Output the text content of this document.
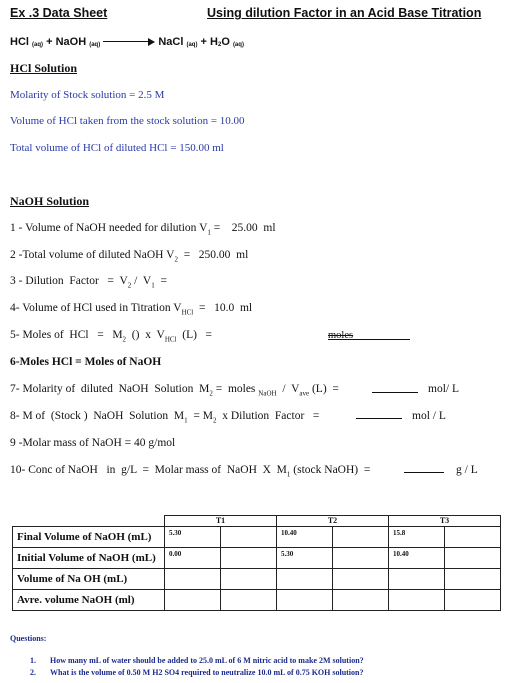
Ex .3 Data Sheet	Using dilution Factor in an Acid Base Titration
HCl $_{(aq)}$ + NaOH $_{(aq)}$	NaCl $_{(aq)} + H_2O$ $_{(aq)}$
HCl Solution
Molarity of Stock solution = 2.5 M
Volume of HCl taken from the stock solution = 10.00
Total volume of HCl of diluted HCl = 150.00 ml
NaOH Solution
1 - Volume of NaOH needed for dilution $V_1$ =    25.00  ml
2 -Total volume of diluted NaOH $V_2 = 250.00$  ml
3 - Dilution  Factor   =  $V_2 / V_1$  =
4- Volume of HCl used in Titration $V_{HCl} = 10.0$  ml
5- Moles of  HCl   =   $M_2$  ()  x  $V_{HCl}$  (L)   =	moles
6-Moles HCl = Moles of NaOH
7- Molarity of  diluted  NaOH  Solution  $M_2$ =  moles $_{NaOH} / V_{ave}$ (L)  =	mol/ L
8- M of  (Stock )  NaOH  Solution  $M_1 = M_2$  x Dilution  Factor   =	mol / L
9 -Molar mass of NaOH = 40 g/mol
10- Conc of NaOH   in  g/L  =  Molar mass of  NaOH  X  $M_1$ (stock NaOH)  =	g / L
	T1		T2		T3	
Final Volume of NaOH (mL)	5.30		10.40		15.8	
Initial Volume of NaOH (mL)	0.00		5.30		10.40	
Volume of Na OH (mL)						
Avre. volume NaOH (ml)						
Questions:
1. How many mL of water should be added to 25.0 mL of 6 M nitric acid to make 2M solution?
2. What is the volume of 0.50 M H2 SO4 required to neutralize 10.0 mL of 0.75 KOH solution?
